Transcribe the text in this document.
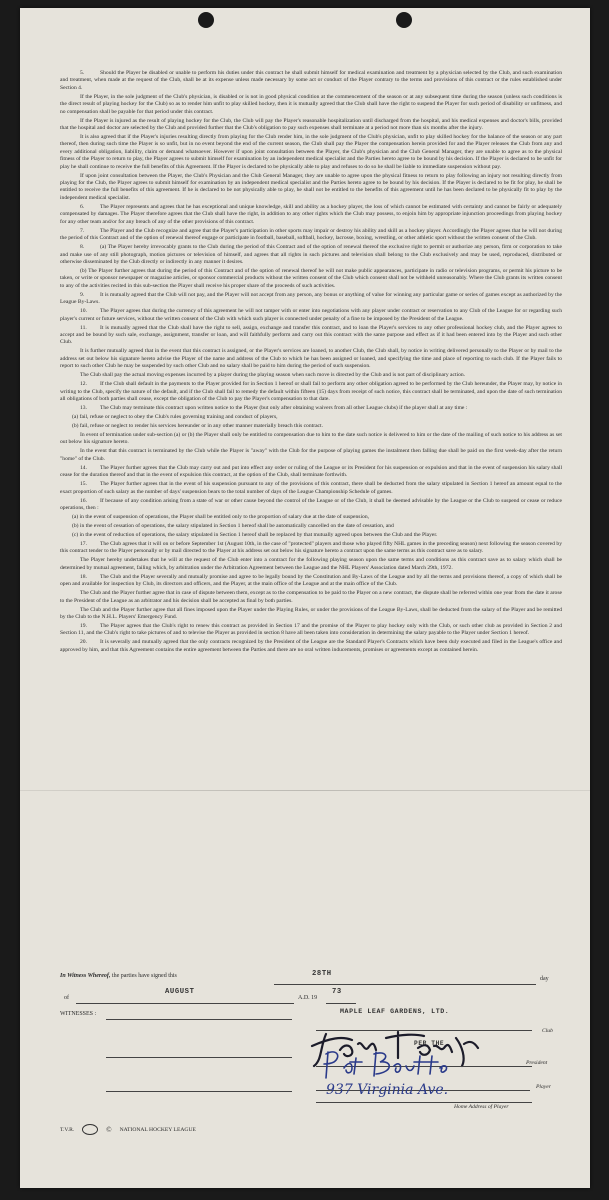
5.	Should the Player be disabled or unable to perform his duties under this contract he shall submit himself for medical examination and treatment by a physician selected by the Club, and such examination and treatment, when made at the request of the Club, shall be at its expense unless made necessary by some act or conduct of the Player contrary to the terms and provisions of this contract or the rules established under Section 4.
If the Player, in the sole judgment of the Club's physician, is disabled or is not in good physical condition at the commencement of the season or at any subsequent time during the season (unless such conditions is the direct result of playing hockey for the Club) so as to render him unfit to play skilled hockey, then it is mutually agreed that the Club shall have the right to suspend the Player for such period of disability or unfitness, and no compensation shall be payable for that period under this contract.
If the Player is injured as the result of playing hockey for the Club, the Club will pay the Player's reasonable hospitalization until discharged from the hospital, and his medical expenses and doctor's bills, provided that the hospital and doctor are selected by the Club and provided further that the Club's obligation to pay such expenses shall terminate at a period not more than six months after the injury.
It is also agreed that if the Player's injuries resulting directly from playing for the Club render him, in the sole judgment of the Club's physician, unfit to play skilled hockey for the balance of the season or any part thereof, then during such time the Player is so unfit, but in no event beyond the end of the current season, the Club shall pay the Player the compensation herein provided for and the Player releases the Club from any and every additional obligation, liability, claim or demand whatsoever. However if upon joint consultation between the Player, the Club's physician and the Club General Manager, they are unable to agree as to the physical fitness of the Player to return to play, the Player agrees to submit himself for examination by an independent medical specialist and the Parties hereto agree to be bound by his decision. If the Player is declared to be unfit for play he shall continue to receive the full benefits of this Agreement. If the Player is declared to be physically able to play and refuses to do so he shall be liable to immediate suspension without pay.
If upon joint consultation between the Player, the Club's Physician and the Club General Manager, they are unable to agree upon the physical fitness to return to play following an injury not resulting directly from playing for the Club, the Player agrees to submit himself for examination by an independent medical specialist and the Parties hereto agree to be bound by his decision. If the Player is declared to be fit for play, he shall be entitled to receive the full benefits of this agreement. If he is declared to be not physically able to play, he shall not be entitled to the benefits of this agreement until he has been declared to be physically fit to play by the independent medical specialist.
6.	The Player represents and agrees that he has exceptional and unique knowledge, skill and ability as a hockey player, the loss of which cannot be estimated with certainty and cannot be fairly or adequately compensated by damages. The Player therefore agrees that the Club shall have the right, in addition to any other rights which the Club may possess, to enjoin him by appropriate injunction proceedings from playing hockey for any other team and/or for any breach of any of the other provisions of this contract.
7.	The Player and the Club recognize and agree that the Player's participation in other sports may impair or destroy his ability and skill as a hockey player. Accordingly the Player agrees that he will not during the period of this Contract and of the option of renewal thereof engage or participate in football, baseball, softball, hockey, lacrosse, boxing, wrestling, or other athletic sport without the written consent of the Club.
8.	(a) The Player hereby irrevocably grants to the Club during the period of this Contract and of the option of renewal thereof the exclusive right to permit or authorize any person, firm or corporation to take and make use of any still photograph, motion pictures or television of himself, and agrees that all rights in such pictures and television shall belong to the Club exclusively and may be used, reproduced, distributed or otherwise disseminated by the Club directly or indirectly in any manner it desires.
(b) The Player further agrees that during the period of this Contract and of the option of renewal thereof he will not make public appearances, participate in radio or television programs, or permit his picture to be taken, or write or sponsor newspaper or magazine articles, or sponsor commercial products without the written consent of the Club which consent shall not be withheld unreasonably. Where the Club grants its written consent to any of the activities recited in this sub-section the Player shall receive his proper share of the proceeds of such activities.
9.	It is mutually agreed that the Club will not pay, and the Player will not accept from any person, any bonus or anything of value for winning any particular game or series of games except as authorized by the League By-Laws.
10. The Player agrees that during the currency of this agreement he will not tamper with or enter into negotiations with any player under contract or reservation to any Club of the League for or regarding such player's current or future services, without the written consent of the Club with which such player is connected under penalty of a fine to be imposed by the President of the League.
11. It is mutually agreed that the Club shall have the right to sell, assign, exchange and transfer this contract, and to loan the Player's services to any other professional hockey club, and the Player agrees to accept and be bound by such sale, exchange, assignment, transfer or loan, and will faithfully perform and carry out this contract with the same purpose and effect as if it had been entered into by the Player and such other Club.
It is further mutually agreed that in the event that this contract is assigned, or the Player's services are loaned, to another Club, the Club shall, by notice in writing delivered personally to the Player or by mail to the address set out below his signature hereto advise the Player of the name and address of the Club to which he has been assigned or loaned, and specifying the time and place of reporting to such club. If the Player fails to report to such other Club he may be suspended by such other Club and no salary shall be paid to him during the period of such suspension.
The Club shall pay the actual moving expenses incurred by a player during the playing season when such move is directed by the Club and is not part of disciplinary action.
12. If the Club shall default in the payments to the Player provided for in Section 1 hereof or shall fail to perform any other obligation agreed to be performed by the Club hereunder, the Player may, by notice in writing to the Club, specify the nature of the default, and if the Club shall fail to remedy the default within fifteen (15) days from receipt of such notice, this contract shall be terminated, and upon the date of such termination all obligations of both parties shall cease, except the obligation of the Club to pay the Player's compensation to that date.
13. The Club may terminate this contract upon written notice to the Player (but only after obtaining waivers from all other League clubs) if the player shall at any time :
(a) fail, refuse or neglect to obey the Club's rules governing training and conduct of players,
(b) fail, refuse or neglect to render his services hereunder or in any other manner materially breach this contract.
In event of termination under sub-section (a) or (b) the Player shall only be entitled to compensation due to him to the date such notice is delivered to him or the date of the mailing of such notice to his address as set out below his signature hereto.
In the event that this contract is terminated by the Club while the Player is "away" with the Club for the purpose of playing games the instalment then falling due shall be paid on the first week-day after the return "home" of the Club.
14. The Player further agrees that the Club may carry out and put into effect any order or ruling of the League or its President for his suspension or expulsion and that in the event of suspension his salary shall cease for the duration thereof and that in the event of expulsion this contract, at the option of the Club, shall terminate forthwith.
15. The Player further agrees that in the event of his suspension pursuant to any of the provisions of this contract, there shall be deducted from the salary stipulated in Section 1 hereof an amount equal to the exact proportion of such salary as the number of days' suspension bears to the total number of days of the League Championship Schedule of games.
16. If because of any condition arising from a state of war or other cause beyond the control of the League or of the Club, it shall be deemed advisable by the League or the Club to suspend or cease or reduce operations, then :
(a) in the event of suspension of operations, the Player shall be entitled only to the proportion of salary due at the date of suspension,
(b) in the event of cessation of operations, the salary stipulated in Section 1 hereof shall be automatically cancelled on the date of cessation, and
(c) in the event of reduction of operations, the salary stipulated in Section 1 hereof shall be replaced by that mutually agreed upon between the Club and the Player.
17. The Club agrees that it will on or before September 1st (August 10th, in the case of "protected" players and those who played fifty NHL games in the preceding season) next following the season covered by this contract tender to the Player personally or by mail directed to the Player at his address set out below his signature hereto a contract upon the same terms as this contract save as to salary.
The Player hereby undertakes that he will at the request of the Club enter into a contract for the following playing season upon the same terms and conditions as this contract save as to salary which shall be determined by mutual agreement, failing which, by arbitration under the Arbitration Agreement between the League and the NHL Players' Association dated March 29th, 1972.
18. The Club and the Player severally and mutually promise and agree to be legally bound by the Constitution and By-Laws of the League and by all the terms and provisions thereof, a copy of which shall be open and available for inspection by Club, its directors and officers, and the Player, at the main office of the League and at the main office of the Club.
The Club and the Player further agree that in case of dispute between them, except as to the compensation to be paid to the Player on a new contract, the dispute shall be referred within one year from the date it arose to the President of the League as an arbitrator and his decision shall be accepted as final by both parties.
The Club and the Player further agree that all fines imposed upon the Player under the Playing Rules, or under the provisions of the League By-Laws, shall be deducted from the salary of the Player and be remitted by the Club to the N.H.L. Players' Emergency Fund.
19. The Player agrees that the Club's right to renew this contract as provided in Section 17 and the promise of the Player to play hockey only with the Club, or such other club as provided in Section 2 and Section 11, and the Club's right to take pictures of and to televise the Player as provided in section 8 have all been taken into consideration in determining the salary payable to the Player under Section 1 hereof.
20. It is severally and mutually agreed that the only contracts recognized by the President of the League are the Standard Player's Contracts which have been duly executed and filed in the League's office and approved by him, and that this Agreement contains the entire agreement between the Parties and there are no oral written inducements, promises or agreements except as contained herein.
In Witness Whereof, the parties have signed this	28TH
day
of
AUGUST
A.D. 19
73
WITNESSES :	MAPLE LEAF GARDENS, LTD.
Club
PER THE
President
Player
937 Virginia Ave.
Home Address of Player
T.V.R.	© NATIONAL HOCKEY LEAGUE
